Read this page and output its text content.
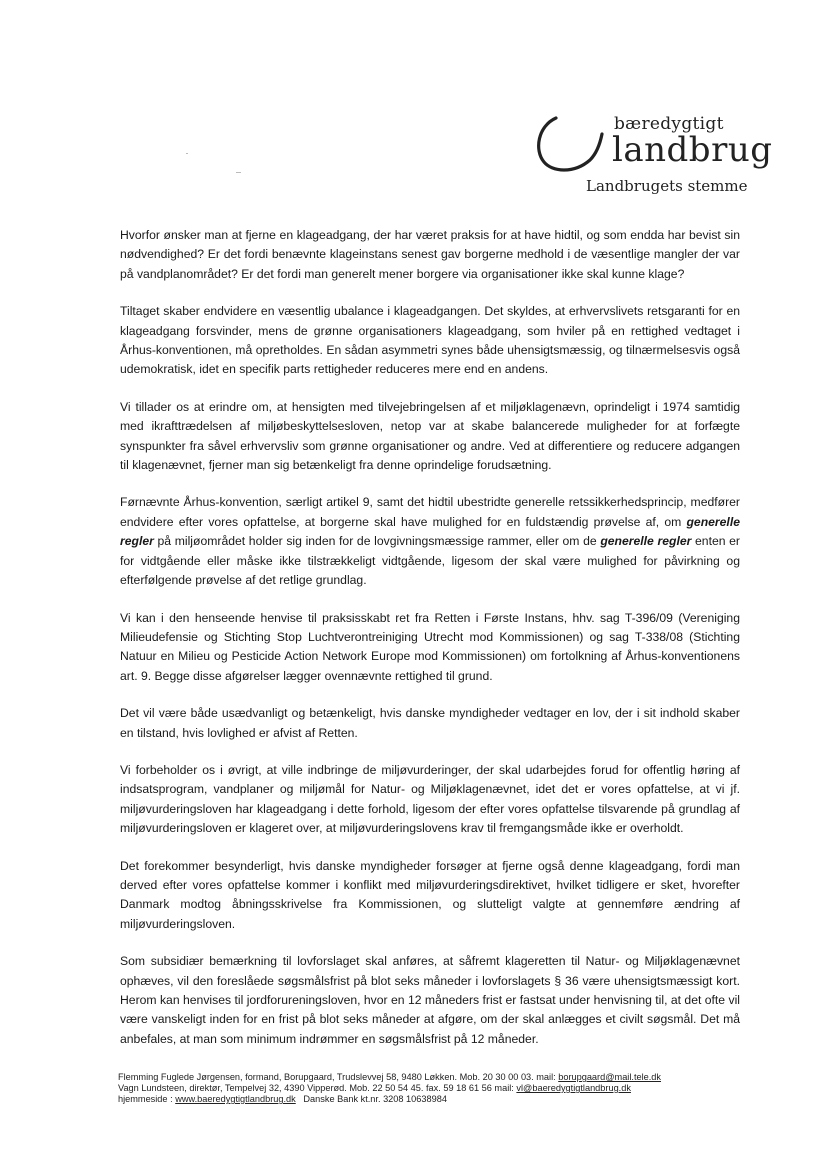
bæredygtigt
landbrug
Landbrugets stemme

Hvorfor ønsker man at fjerne en klageadgang, der har været praksis for at have hidtil, og som endda har bevist sin nødvendighed? Er det fordi benævnte klageinstans senest gav borgerne medhold i de væsentlige mangler der var på vandplanområdet? Er det fordi man generelt mener borgere via organisationer ikke skal kunne klage?

Tiltaget skaber endvidere en væsentlig ubalance i klageadgangen. Det skyldes, at erhvervslivets retsgaranti for en klageadgang forsvinder, mens de grønne organisationers klageadgang, som hviler på en rettighed vedtaget i Århus-konventionen, må opretholdes. En sådan asymmetri synes både uhensigtsmæssig, og tilnærmelsesvis også udemokratisk, idet en specifik parts rettigheder reduceres mere end en andens.

Vi tillader os at erindre om, at hensigten med tilvejebringelsen af et miljøklagenævn, oprindeligt i 1974 samtidig med ikrafttrædelsen af miljøbeskyttelsesloven, netop var at skabe balancerede muligheder for at forfægte synspunkter fra såvel erhvervsliv som grønne organisationer og andre. Ved at differentiere og reducere adgangen til klagenævnet, fjerner man sig betænkeligt fra denne oprindelige forudsætning.

Førnævnte Århus-konvention, særligt artikel 9, samt det hidtil ubestridte generelle retssikkerhedsprincip, medfører endvidere efter vores opfattelse, at borgerne skal have mulighed for en fuldstændig prøvelse af, om generelle regler på miljøområdet holder sig inden for de lovgivningsmæssige rammer, eller om de generelle regler enten er for vidtgående eller måske ikke tilstrækkeligt vidtgående, ligesom der skal være mulighed for påvirkning og efterfølgende prøvelse af det retlige grundlag.

Vi kan i den henseende henvise til praksisskabt ret fra Retten i Første Instans, hhv. sag T-396/09 (Vereniging Milieudefensie og Stichting Stop Luchtverontreiniging Utrecht mod Kommissionen) og sag T-338/08 (Stichting Natuur en Milieu og Pesticide Action Network Europe mod Kommissionen) om fortolkning af Århus-konventionens art. 9. Begge disse afgørelser lægger ovennævnte rettighed til grund.

Det vil være både usædvanligt og betænkeligt, hvis danske myndigheder vedtager en lov, der i sit indhold skaber en tilstand, hvis lovlighed er afvist af Retten.

Vi forbeholder os i øvrigt, at ville indbringe de miljøvurderinger, der skal udarbejdes forud for offentlig høring af indsatsprogram, vandplaner og miljømål for Natur- og Miljøklagenævnet, idet det er vores opfattelse, at vi jf. miljøvurderingsloven har klageadgang i dette forhold, ligesom der efter vores opfattelse tilsvarende på grundlag af miljøvurderingsloven er klageret over, at miljøvurderingslovens krav til fremgangsmåde ikke er overholdt.

Det forekommer besynderligt, hvis danske myndigheder forsøger at fjerne også denne klageadgang, fordi man derved efter vores opfattelse kommer i konflikt med miljøvurderingsdirektivet, hvilket tidligere er sket, hvorefter Danmark modtog åbningsskrivelse fra Kommissionen, og slutteligt valgte at gennemføre ændring af miljøvurderingsloven.

Som subsidiær bemærkning til lovforslaget skal anføres, at såfremt klageretten til Natur- og Miljøklagenævnet ophæves, vil den foreslåede søgsmålsfrist på blot seks måneder i lovforslagets § 36 være uhensigtsmæssigt kort. Herom kan henvises til jordforureningsloven, hvor en 12 måneders frist er fastsat under henvisning til, at det ofte vil være vanskeligt inden for en frist på blot seks måneder at afgøre, om der skal anlægges et civilt søgsmål. Det må anbefales, at man som minimum indrømmer en søgsmålsfrist på 12 måneder.

Flemming Fuglede Jørgensen, formand, Borupgaard, Trudslevvej 58, 9480 Løkken. Mob. 20 30 00 03. mail: borupgaard@mail.tele.dk
Vagn Lundsteen, direktør, Tempelvej 32, 4390 Vipperød. Mob. 22 50 54 45. fax. 59 18 61 56 mail: vl@baeredygtigtlandbrug.dk
hjemmeside : www.baeredygtigtlandbrug.dk   Danske Bank kt.nr. 3208 10638984
